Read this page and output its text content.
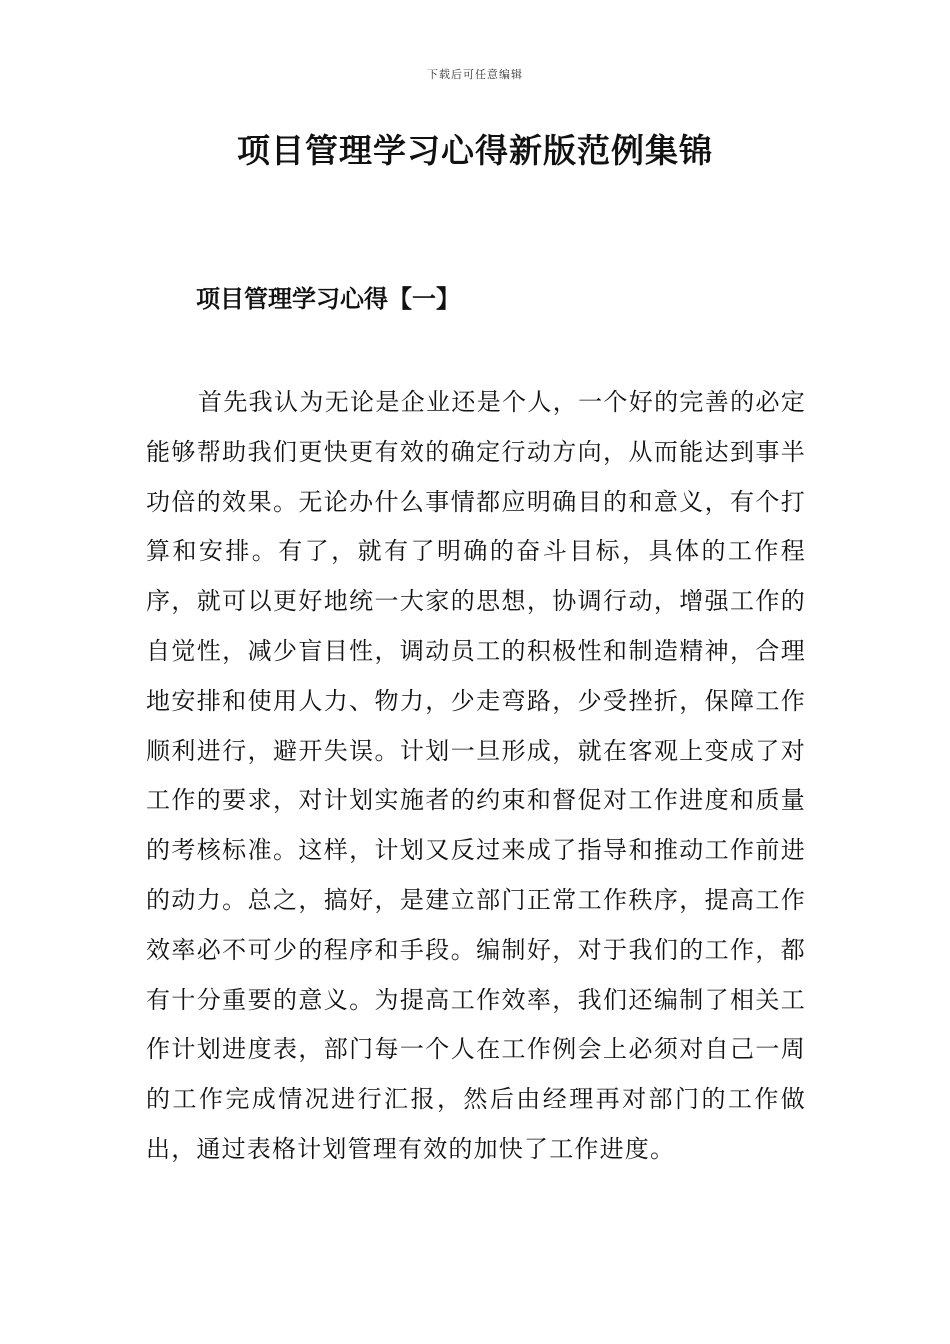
下载后可任意编辑
项目管理学习心得新版范例集锦
项目管理学习心得【一】

首先我认为无论是企业还是个人，一个好的完善的必定能够帮助我们更快更有效的确定行动方向，从而能达到事半功倍的效果。无论办什么事情都应明确目的和意义，有个打算和安排。有了，就有了明确的奋斗目标，具体的工作程序，就可以更好地统一大家的思想，协调行动，增强工作的自觉性，减少盲目性，调动员工的积极性和制造精神，合理地安排和使用人力、物力，少走弯路，少受挫折，保障工作顺利进行，避开失误。计划一旦形成，就在客观上变成了对工作的要求，对计划实施者的约束和督促对工作进度和质量的考核标准。这样，计划又反过来成了指导和推动工作前进的动力。总之，搞好，是建立部门正常工作秩序，提高工作效率必不可少的程序和手段。编制好，对于我们的工作，都有十分重要的意义。为提高工作效率，我们还编制了相关工作计划进度表，部门每一个人在工作例会上必须对自己一周的工作完成情况进行汇报，然后由经理再对部门的工作做出，通过表格计划管理有效的加快了工作进度。
